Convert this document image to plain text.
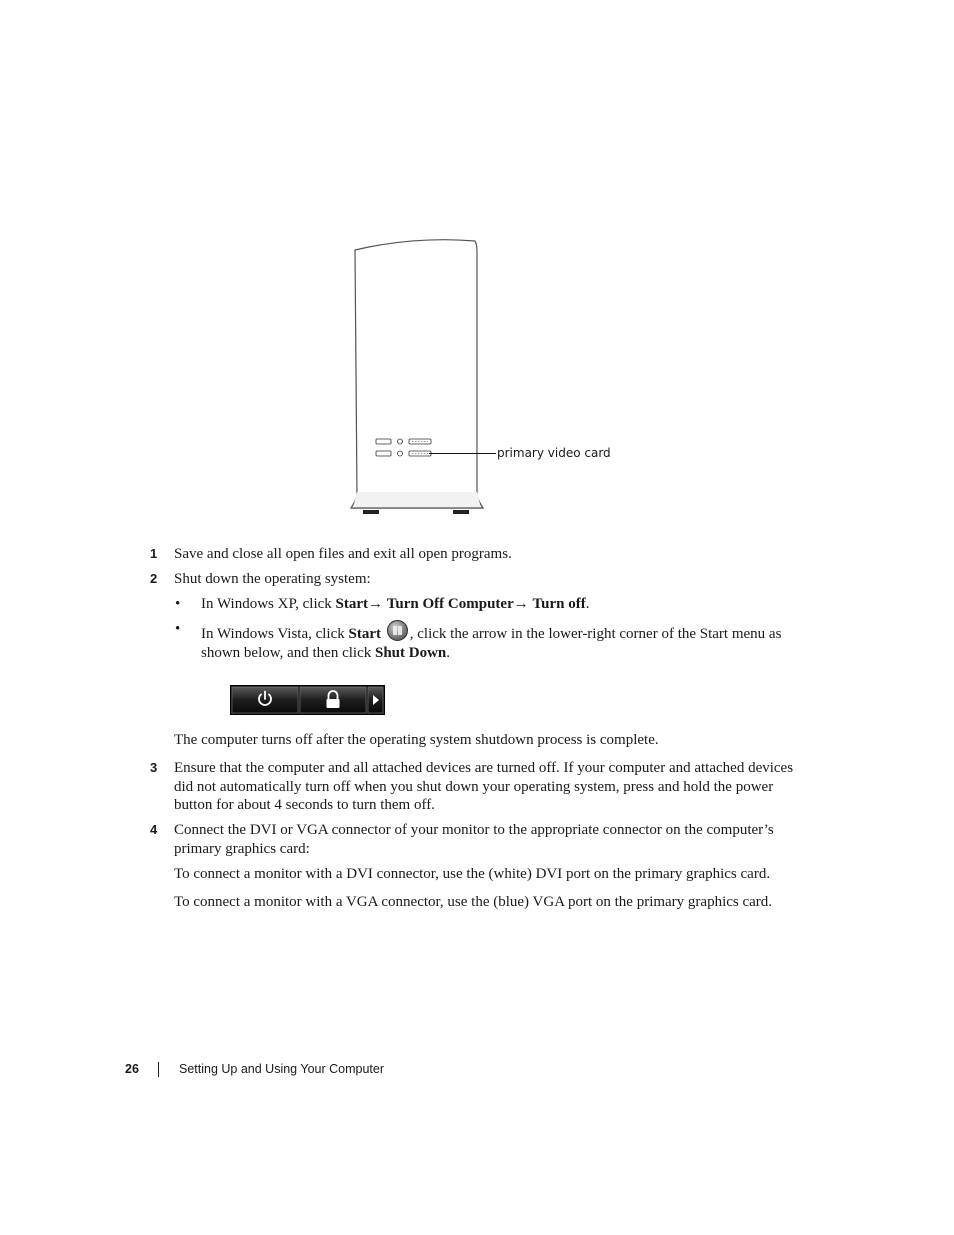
primary video card
1	Save and close all open files and exit all open programs.
2	Shut down the operating system:
• In Windows XP, click Start→ Turn Off Computer→ Turn off.
• In Windows Vista, click Start , click the arrow in the lower-right corner of the Start menu as shown below, and then click Shut Down.
The computer turns off after the operating system shutdown process is complete.
3	Ensure that the computer and all attached devices are turned off. If your computer and attached devices did not automatically turn off when you shut down your operating system, press and hold the power button for about 4 seconds to turn them off.
4	Connect the DVI or VGA connector of your monitor to the appropriate connector on the computer’s primary graphics card:
To connect a monitor with a DVI connector, use the (white) DVI port on the primary graphics card.
To connect a monitor with a VGA connector, use the (blue) VGA port on the primary graphics card.
26	Setting Up and Using Your Computer
